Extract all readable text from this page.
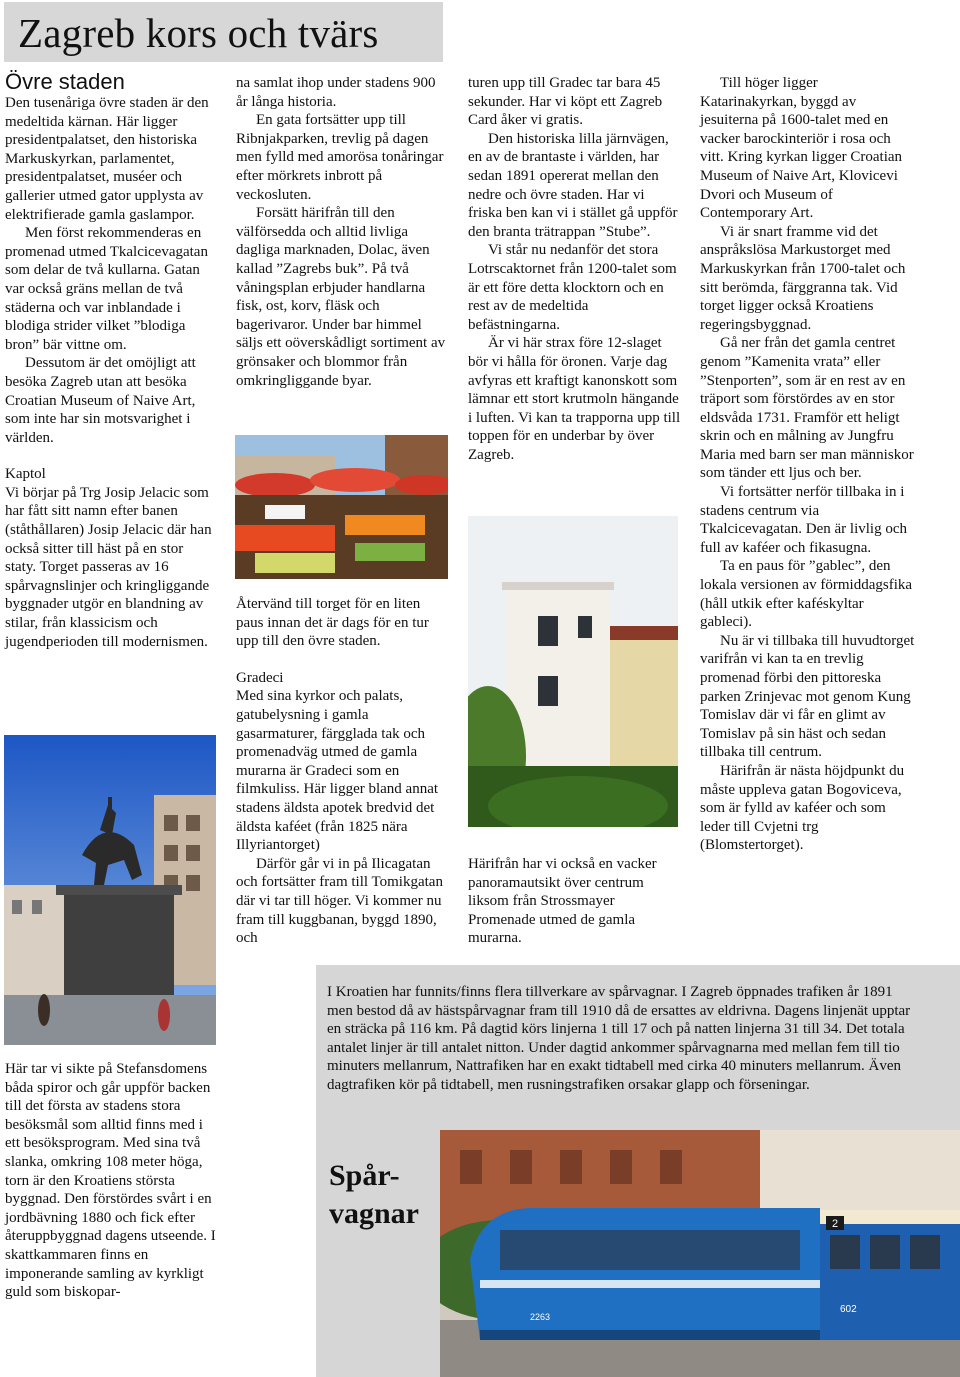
Zagreb kors och tvärs

Övre staden

Den tusenåriga övre staden är den medeltida kärnan. Här ligger presidentpalatset, den historiska Markuskyrkan, parlamentet, presidentpalatset, muséer och gallerier utmed gator upplysta av elektrifierade gamla gaslampor.

Men först rekommenderas en promenad utmed Tkalcicevagatan som delar de två kullarna. Gatan var också gräns mellan de två städerna och var inblandade i blodiga strider vilket ”blodiga bron” bär vittne om.

Dessutom är det omöjligt att besöka Zagreb utan att besöka Croatian Museum of Naive Art, som inte har sin motsvarighet i världen.

Kaptol

Vi börjar på Trg Josip Jelacic som har fått sitt namn efter banen (ståthållaren) Josip Jelacic där han också sitter till häst på en stor staty. Torget passeras av 16 spårvagnslinjer och kringliggande byggnader utgör en blandning av stilar, från klassicism och jugendperioden till modernismen.

Här tar vi sikte på Stefansdomens båda spiror och går uppför backen till det första av stadens stora besöksmål som alltid finns med i ett besöksprogram. Med sina två slanka, omkring 108 meter höga, torn är den Kroatiens största byggnad. Den förstördes svårt i en jordbävning 1880 och fick efter återuppbyggnad dagens utseende. I skattkammaren finns en imponerande samling av kyrkligt guld som biskopar-

na samlat ihop under stadens 900 år långa historia.

En gata fortsätter upp till Ribnjakparken, trevlig på dagen men fylld med amorösa tonåringar efter mörkrets inbrott på veckosluten.

Forsätt härifrån till den välförsedda och alltid livliga dagliga marknaden, Dolac, även kallad ”Zagrebs buk”. På två våningsplan erbjuder handlarna fisk, ost, korv, fläsk och bagerivaror. Under bar himmel säljs ett oöverskådligt sortiment av grönsaker och blommor från omkringliggande byar.

Återvänd till torget för en liten paus innan det är dags för en tur upp till den övre staden.

Gradeci

Med sina kyrkor och palats, gatubelysning i gamla gasarmaturer, färgglada tak och promenadväg utmed de gamla murarna är Gradeci som en filmkuliss. Här ligger bland annat stadens äldsta apotek bredvid det äldsta kaféet (från 1825 nära Illyriantorget)

Därför går vi in på Ilicagatan och fortsätter fram till Tomikgatan där vi tar till höger. Vi kommer nu fram till kuggbanan, byggd 1890, och

turen upp till Gradec tar bara 45 sekunder. Har vi köpt ett Zagreb Card åker vi gratis.

Den historiska lilla järnvägen, en av de brantaste i världen, har sedan 1891 opererat mellan den nedre och övre staden. Har vi friska ben kan vi i stället gå uppför den branta trätrappan ”Stube”.

Vi står nu nedanför det stora Lotrscaktornet från 1200-talet som är ett före detta klocktorn och en rest av de medeltida befästningarna.

Är vi här strax före 12-slaget bör vi hålla för öronen. Varje dag avfyras ett kraftigt kanonskott som lämnar ett stort krutmoln hängande i luften. Vi kan ta trapporna upp till toppen för en underbar by över Zagreb.

Härifrån har vi också en vacker panoramautsikt över centrum liksom från Strossmayer Promenade utmed de gamla murarna.

Till höger ligger Katarinakyrkan, byggd av jesuiterna på 1600-talet med en vacker barockinteriör i rosa och vitt. Kring kyrkan ligger Croatian Museum of Naive Art, Klovicevi Dvori och Museum of Contemporary Art.

Vi är snart framme vid det anspråkslösa Markustorget med Markuskyrkan från 1700-talet och sitt berömda, färggranna tak. Vid torget ligger också Kroatiens regeringsbyggnad.

Gå ner från det gamla centret genom ”Kamenita vrata” eller ”Stenporten”, som är en rest av en träport som förstördes av en stor eldsvåda 1731. Framför ett heligt skrin och en målning av Jungfru Maria med barn ser man människor som tänder ett ljus och ber.

Vi fortsätter nerför tillbaka in i stadens centrum via Tkalcicevagatan. Den är livlig och full av kaféer och fikasugna.

Ta en paus för ”gablec”, den lokala versionen av förmiddagsfika (håll utkik efter kaféskyltar gableci).

Nu är vi tillbaka till huvudtorget varifrån vi kan ta en trevlig promenad förbi den pittoreska parken Zrinjevac mot genom Kung Tomislav där vi får en glimt av Tomislav på sin häst och sedan tillbaka till centrum.

Härifrån är nästa höjdpunkt du måste uppleva gatan Bogoviceva, som är fylld av kaféer och som leder till Cvjetni trg (Blomstertorget).

I Kroatien har funnits/finns flera tillverkare av spårvagnar. I Zagreb öppnades trafiken år 1891 men bestod då av hästspårvagnar fram till 1910 då de ersattes av eldrivna. Dagens linjenät upptar en sträcka på 116 km. På dagtid körs linjerna 1 till 17 och på natten linjerna 31 till 34. Det totala antalet linjer är till antalet nitton. Under dagtid ankommer spårvagnarna med mellan fem till tio minuters mellanrum, Nattrafiken har en exakt tidtabell med cirka 40 minuters mellanrum. Även dagtrafiken kör på tidtabell, men rusningstrafiken orsakar glapp och förseningar.

Spår-
vagnar	2
602
2263
